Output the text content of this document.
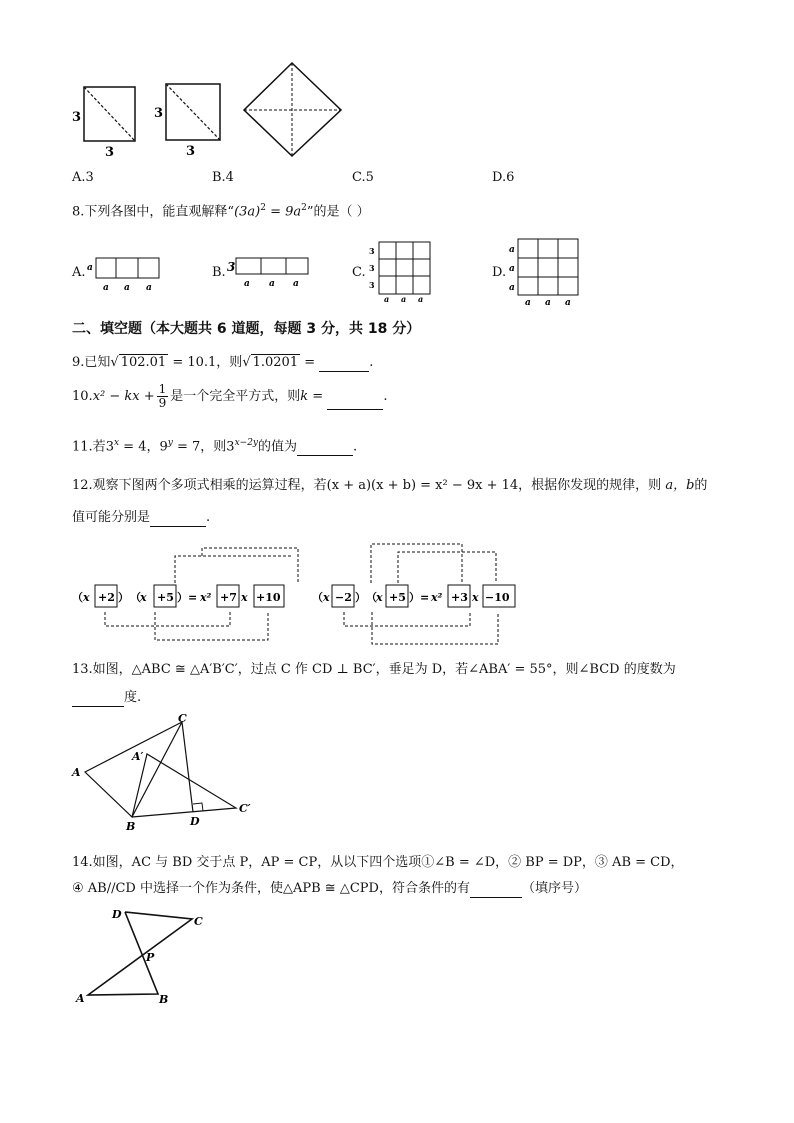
3
3
3
3
A.3	B.4	C.5	D.6
8.下列各图中，能直观解释“$(3a)^2 = 9a^2$”的是（ ）
A.	B.	C.	D.
a
a a a
3
a a a
3
3
3
a a a
a
a
a
a a a
二、填空题（本大题共 6 道题，每题 3 分，共 18 分）
9.已知√ 102.01 = 10.1，则√ 1.0201 =	.
10.x² − kx + $\frac{1}{9}$ 是一个完全平方式，则k =	.
11.若$3^x = 4$，$9^y = 7$，则$3^{x-2y}$的值为	.
12.观察下图两个多项式相乘的运算过程，若(x + a)(x + b) = x² − 9x + 14，根据你发现的规律，则 a，b的
值可能分别是	.
（ x +2 ） （ x +5 ） = x² +7 x +10	（ x −2 ） （ x +5 ） = x² +3 x −10
13.如图，△ABC ≅ △A′B′C′，过点 C 作 CD ⊥ BC′，垂足为 D，若∠ABA′ = 55°，则∠BCD 的度数为
度.
A
C
A′
B	D
C′
14.如图，AC 与 BD 交于点 P，AP = CP，从以下四个选项①∠B = ∠D，② BP = DP，③ AB = CD，
④ AB//CD 中选择一个作为条件，使△APB ≅ △CPD，符合条件的有	（填序号）
D
C
P
A	B
